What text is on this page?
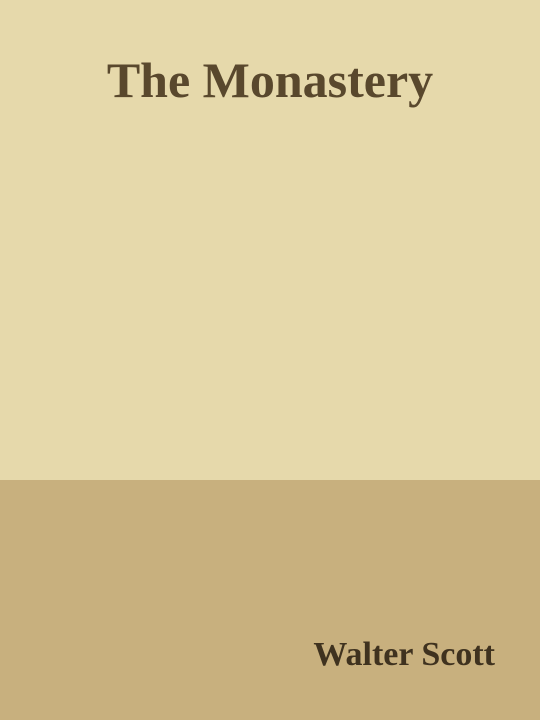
The Monastery
Walter Scott
